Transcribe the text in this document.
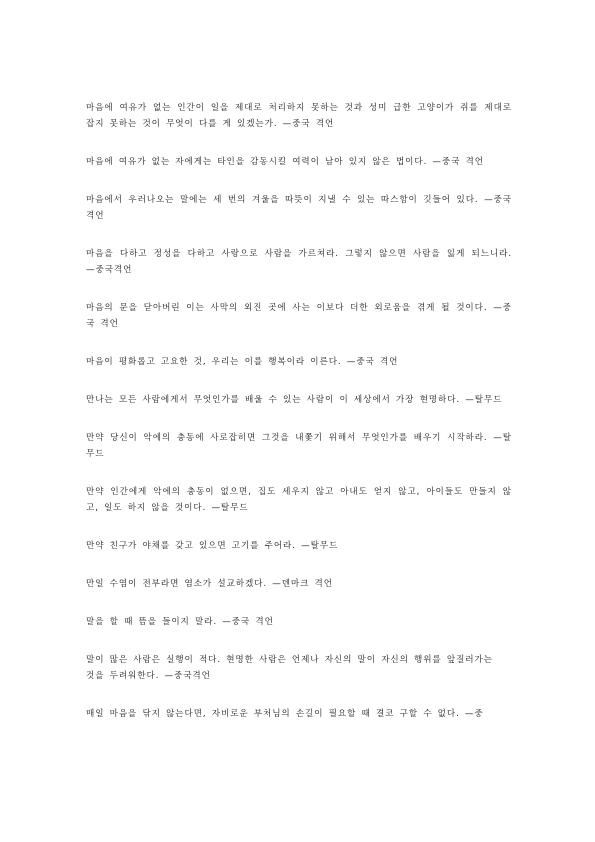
마음에 여유가 없는 인간이 일을 제대로 처리하지 못하는 것과 성미 급한 고양이가 쥐를 제대로 잡지 못하는 것이 무엇이 다를 게 있겠는가. —중국 격언

마음에 여유가 없는 자에게는 타인을 감동시킬 여력이 남아 있지 않은 법이다. —중국 격언

마음에서 우러나오는 말에는 세 번의 겨울을 따뜻이 지낼 수 있는 따스함이 깃들어 있다. —중국 격언

마음을 다하고 정성을 다하고 사랑으로 사람을 가르쳐라. 그렇지 않으면 사람을 잃게 되느니라. —중국격언

마음의 문을 닫아버린 이는 사막의 외진 곳에 사는 이보다 더한 외로움을 겪게 될 것이다. —중국 격언

마음이 평화롭고 고요한 것, 우리는 이를 행복이라 이른다. —중국 격언

만나는 모든 사람에게서 무엇인가를 배울 수 있는 사람이 이 세상에서 가장 현명하다. —탈무드

만약 당신이 악에의 충동에 사로잡히면 그것을 내쫓기 위해서 무엇인가를 배우기 시작하라. —탈무드

만약 인간에게 악에의 충동이 없으면, 집도 세우지 않고 아내도 얻지 않고, 아이들도 만들지 않고, 일도 하지 않을 것이다. —탈무드

만약 친구가 야채를 갖고 있으면 고기를 주어라. —탈무드

만일 수염이 전부라면 염소가 설교하겠다. —덴마크 격언

말을 할 때 뜸을 들이지 말라. —중국 격언

말이 많은 사람은 실행이 적다. 현명한 사람은 언제나 자신의 말이 자신의 행위를 앞질러가는
것을 두려워한다. —중국격언

매일 마음을 닦지 않는다면, 자비로운 부처님의 손길이 필요할 때 결코 구할 수 없다. —중
